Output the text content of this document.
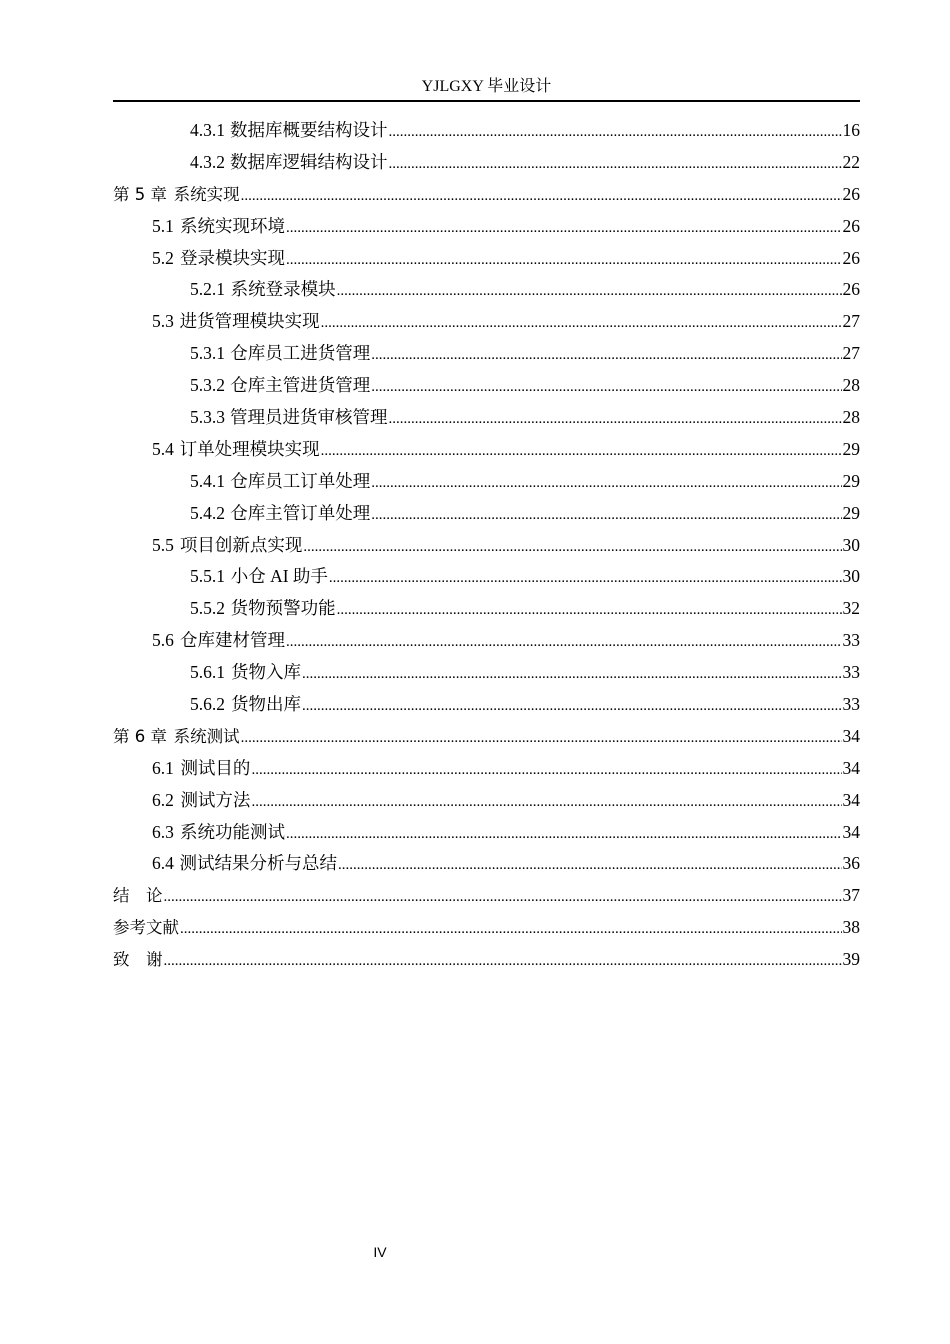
YJLGXY 毕业设计
4.3.1 数据库概要结构设计 .....	16
4.3.2 数据库逻辑结构设计 .....	22
第 5 章 系统实现 .....	26
5.1 系统实现环境 .....	26
5.2 登录模块实现 .....	26
5.2.1 系统登录模块 .....	26
5.3 进货管理模块实现 .....	27
5.3.1 仓库员工进货管理 .....	27
5.3.2 仓库主管进货管理 .....	28
5.3.3 管理员进货审核管理 .....	28
5.4 订单处理模块实现 .....	29
5.4.1 仓库员工订单处理 .....	29
5.4.2 仓库主管订单处理 .....	29
5.5 项目创新点实现 .....	30
5.5.1 小仓 AI 助手 .....	30
5.5.2 货物预警功能 .....	32
5.6 仓库建材管理 .....	33
5.6.1 货物入库 .....	33
5.6.2 货物出库 .....	33
第 6 章 系统测试 .....	34
6.1 测试目的 .....	34
6.2 测试方法 .....	34
6.3 系统功能测试 .....	34
6.4 测试结果分析与总结 .....	36
结　论 .....	37
参考文献 .....	38
致　谢 .....	39
IV
